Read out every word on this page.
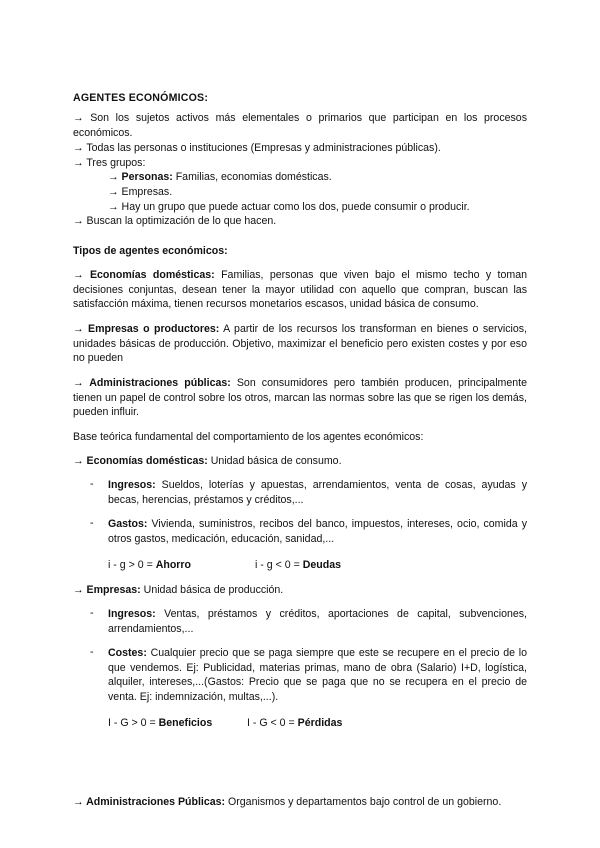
AGENTES ECONÓMICOS:
→ Son los sujetos activos más elementales o primarios que participan en los procesos económicos.
→ Todas las personas o instituciones (Empresas y administraciones públicas).
→ Tres grupos:
→ Personas: Familias, economias domésticas.
→ Empresas.
→ Hay un grupo que puede actuar como los dos, puede consumir o producir.
→ Buscan la optimización de lo que hacen.
Tipos de agentes económicos:
→ Economías domésticas: Familias, personas que viven bajo el mismo techo y toman decisiones conjuntas, desean tener la mayor utilidad con aquello que compran, buscan las satisfacción máxima, tienen recursos monetarios escasos, unidad básica de consumo.
→ Empresas o productores: A partir de los recursos los transforman en bienes o servicios, unidades básicas de producción. Objetivo, maximizar el beneficio pero existen costes y por eso no pueden
→ Administraciones públicas: Son consumidores pero también producen, principalmente tienen un papel de control sobre los otros, marcan las normas sobre las que se rigen los demás, pueden influir.
Base teórica fundamental del comportamiento de los agentes económicos:
→ Economías domésticas: Unidad básica de consumo.
-	Ingresos: Sueldos, loterías y apuestas, arrendamientos, venta de cosas, ayudas y becas, herencias, préstamos y créditos,...
-	Gastos: Vivienda, suministros, recibos del banco, impuestos, intereses, ocio, comida y otros gastos, medicación, educación, sanidad,...
i - g > 0 = Ahorro	i - g < 0 = Deudas
→ Empresas: Unidad básica de producción.
-	Ingresos: Ventas, préstamos y créditos, aportaciones de capital, subvenciones, arrendamientos,...
-	Costes: Cualquier precio que se paga siempre que este se recupere en el precio de lo que vendemos. Ej: Publicidad, materias primas, mano de obra (Salario) I+D, logística, alquiler, intereses,...(Gastos: Precio que se paga que no se recupera en el precio de venta. Ej: indemnización, multas,...).
I - G > 0 = Beneficios	I - G < 0 = Pérdidas
→ Administraciones Públicas: Organismos y departamentos bajo control de un gobierno.
